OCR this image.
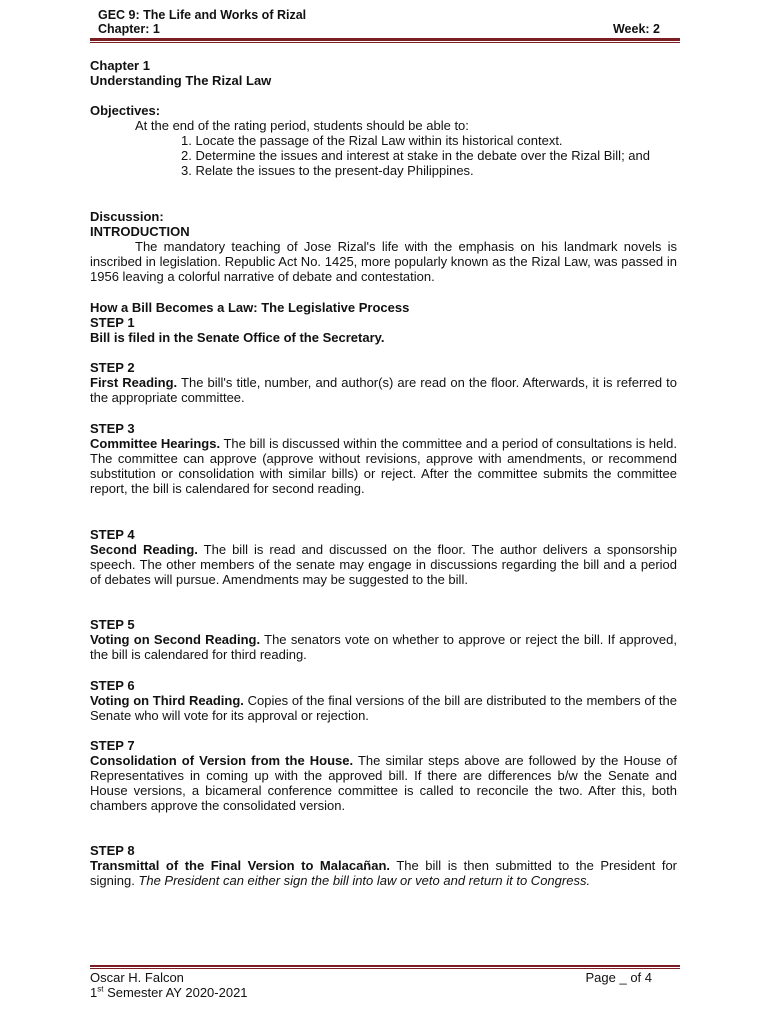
GEC 9: The Life and Works of Rizal
Chapter: 1	Week: 2
Chapter 1
Understanding The Rizal Law
Objectives:
At the end of the rating period, students should be able to:
1. Locate the passage of the Rizal Law within its historical context.
2. Determine the issues and interest at stake in the debate over the Rizal Bill; and
3. Relate the issues to the present-day Philippines.
Discussion:
INTRODUCTION

The mandatory teaching of Jose Rizal's life with the emphasis on his landmark novels is inscribed in legislation. Republic Act No. 1425, more popularly known as the Rizal Law, was passed in 1956 leaving a colorful narrative of debate and contestation.

How a Bill Becomes a Law: The Legislative Process
STEP 1
Bill is filed in the Senate Office of the Secretary.
STEP 2

First Reading. The bill's title, number, and author(s) are read on the floor. Afterwards, it is referred to the appropriate committee.

STEP 3

Committee Hearings. The bill is discussed within the committee and a period of consultations is held. The committee can approve (approve without revisions, approve with amendments, or recommend substitution or consolidation with similar bills) or reject. After the committee submits the committee report, the bill is calendared for second reading.

STEP 4

Second Reading. The bill is read and discussed on the floor. The author delivers a sponsorship speech. The other members of the senate may engage in discussions regarding the bill and a period of debates will pursue. Amendments may be suggested to the bill.

STEP 5

Voting on Second Reading. The senators vote on whether to approve or reject the bill. If approved, the bill is calendared for third reading.

STEP 6

Voting on Third Reading. Copies of the final versions of the bill are distributed to the members of the Senate who will vote for its approval or rejection.

STEP 7

Consolidation of Version from the House. The similar steps above are followed by the House of Representatives in coming up with the approved bill. If there are differences b/w the Senate and House versions, a bicameral conference committee is called to reconcile the two. After this, both chambers approve the consolidated version.

STEP 8

Transmittal of the Final Version to Malacañan. The bill is then submitted to the President for signing. The President can either sign the bill into law or veto and return it to Congress.

Oscar H. Falcon	Page _ of 4
1st Semester AY 2020-2021
